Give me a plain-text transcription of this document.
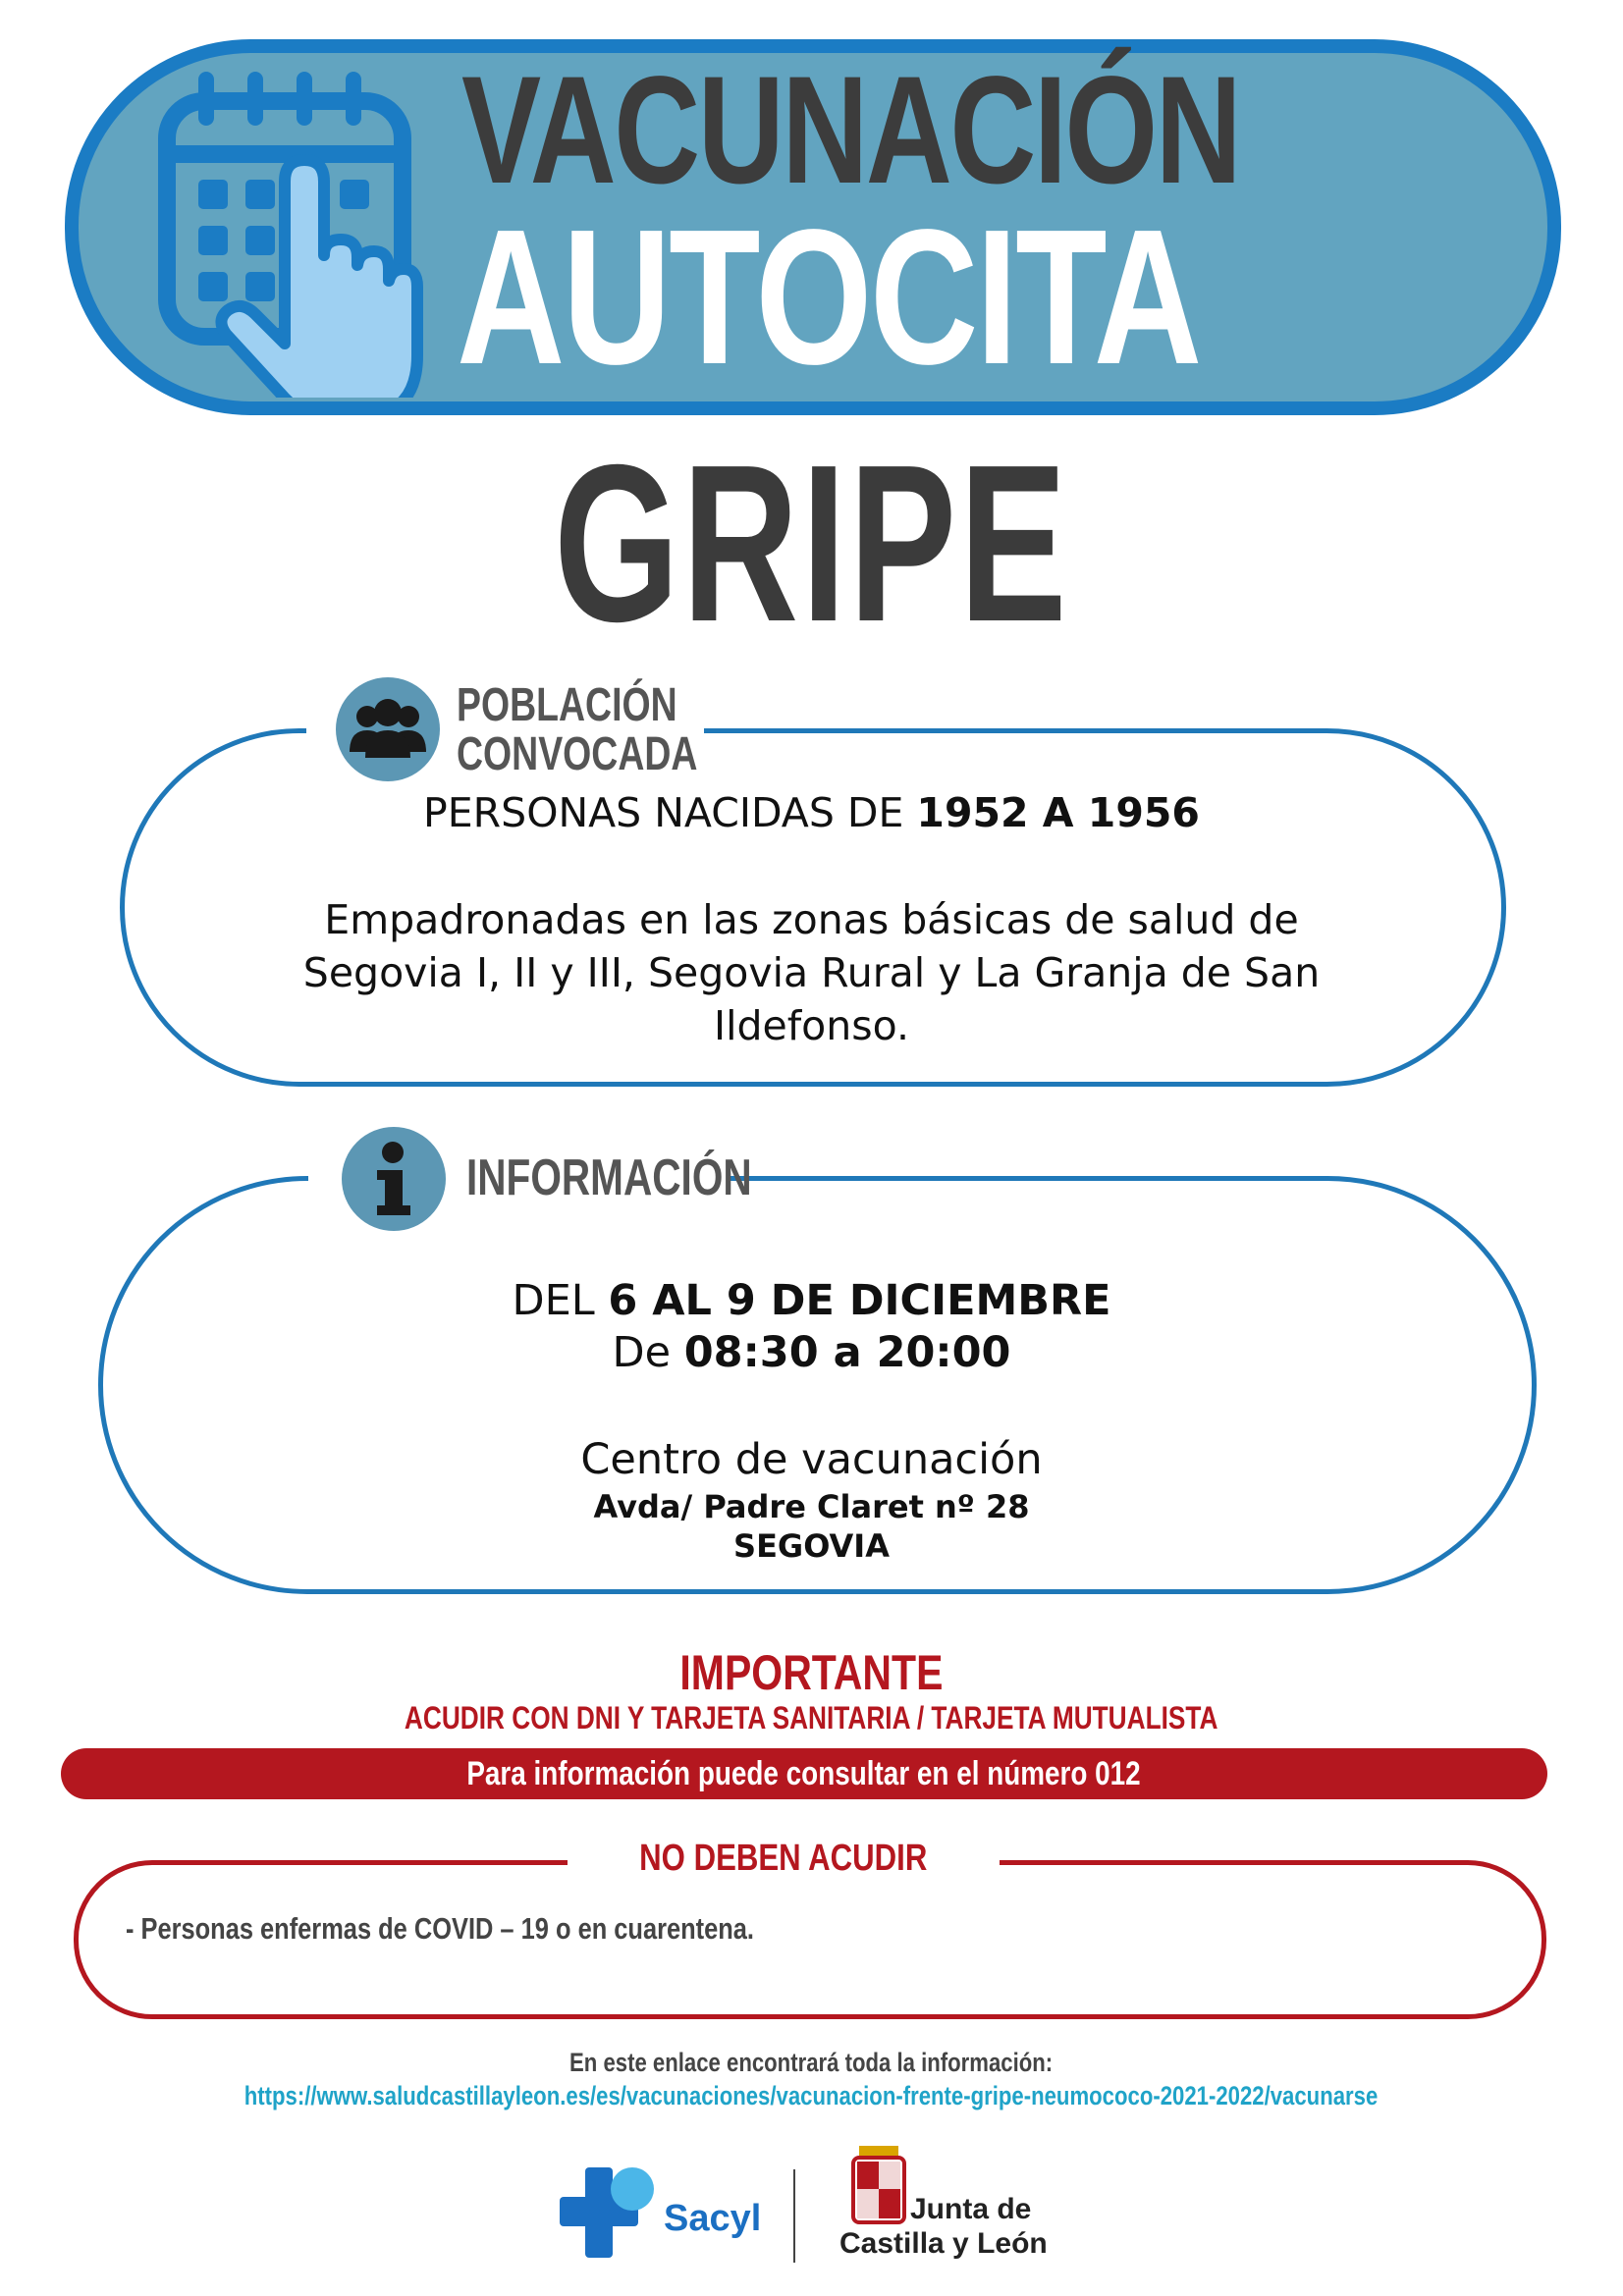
VACUNACIÓN
AUTOCITA
GRIPE
POBLACIÓN
CONVOCADA
PERSONAS NACIDAS DE 1952 A 1956
Empadronadas en las zonas básicas de salud de
Segovia I, II y III, Segovia Rural y La Granja de San
Ildefonso.
INFORMACIÓN
DEL 6 AL 9 DE DICIEMBRE
De 08:30 a 20:00
Centro de vacunación
Avda/ Padre Claret nº 28
SEGOVIA
IMPORTANTE
ACUDIR CON DNI Y TARJETA SANITARIA / TARJETA MUTUALISTA
Para información puede consultar en el número 012
NO DEBEN ACUDIR
- Personas enfermas de COVID – 19 o en cuarentena.
En este enlace encontrará toda la información:
https://www.saludcastillayleon.es/es/vacunaciones/vacunacion-frente-gripe-neumococo-2021-2022/vacunarse
Sacyl	Junta de
Castilla y León
